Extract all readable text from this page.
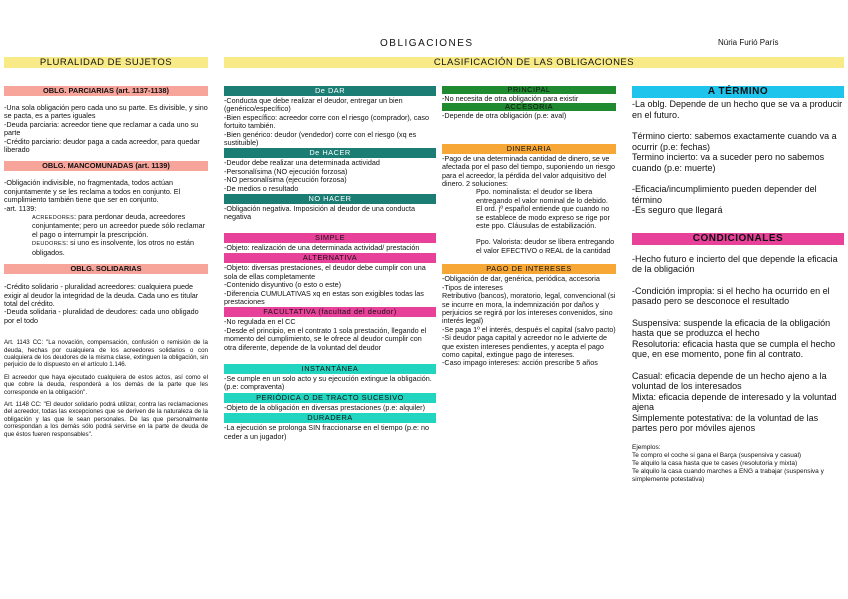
OBLIGACIONES	Núria Furió París
PLURALIDAD DE SUJETOS	CLASIFICACIÓN DE LAS OBLIGACIONES
OBLG. PARCIARIAS (art. 1137-1138)

-Una sola obligación pero cada uno su parte. Es divisible, y sino se pacta, es a partes iguales
-Deuda parciaria: acreedor tiene que reclamar a cada uno su parte
-Crédito parciario: deudor paga a cada acreedor, para quedar liberado

OBLG. MANCOMUNADAS (art. 1139)

-Obligación indivisible, no fragmentada, todos actúan conjuntamente y se les reclama a todos en conjunto. El cumplimiento también tiene que ser en conjunto.
-art. 1139:

ACREEDORES: para perdonar deuda, acreedores conjuntamente; pero un acreedor puede sólo reclamar el pago o interrumpir la prescripción.

DEUDORES: si uno es insolvente, los otros no están obligados.

OBLG. SOLIDARIAS

-Crédito solidario - pluralidad acreedores: cualquiera puede exigir al deudor la integridad de la deuda. Cada uno es titular total del crédito.
-Deuda solidaria - pluralidad de deudores: cada uno obligado por el todo

Art. 1143 CC: "La novación, compensación, confusión o remisión de la deuda, hechas por cualquiera de los acreedores solidarios o con cualquiera de los deudores de la misma clase, extinguen la obligación, sin perjuicio de lo dispuesto en el artículo 1.146.

El acreedor que haya ejecutado cualquiera de estos actos, así como el que cobre la deuda, responderá a los demás de la parte que les corresponde en la obligación".

Art. 1148 CC: "El deudor solidario podrá utilizar, contra las reclamaciones del acreedor, todas las excepciones que se deriven de la naturaleza de la obligación y las que le sean personales. De las que personalmente correspondan a los demás sólo podrá servirse en la parte de deuda de que éstos fueren responsables".

De DAR

-Conducta que debe realizar el deudor, entregar un bien (genérico/específico)
-Bien específico: acreedor corre con el riesgo (comprador), caso fortuito también.
-Bien genérico: deudor (vendedor) corre con el riesgo (xq es sustituible)

De HACER

-Deudor debe realizar una determinada actividad
-Personalísima (NO ejecución forzosa)
-NO personalísima (ejecución forzosa)
-De medios o resultado

NO HACER

-Obligación negativa. Imposición al deudor de una conducta negativa

SIMPLE

-Objeto: realización de una determinada actividad/ prestación

ALTERNATIVA

-Objeto: diversas prestaciones, el deudor debe cumplir con una sola de ellas completamente
-Contenido disyuntivo (o esto o este)
-Diferencia CUMULATIVAS xq en estas son exigibles todas las prestaciones

FACULTATIVA (facultad del deudor)

-No regulada en el CC
-Desde el principio, en el contrato 1 sola prestación, llegando el momento del cumplimiento, se le ofrece al deudor cumplir con otra diferente, depende de la voluntad del deudor

INSTANTÁNEA

-Se cumple en un solo acto y su ejecución extingue la obligación. (p.e: compraventa)

PERIÓDICA O DE TRACTO SUCESIVO

-Objeto de la obligación en diversas prestaciones (p.e: alquiler)

DURADERA

-La ejecución se prolonga SIN fraccionarse en el tiempo (p.e: no ceder a un jugador)

PRINCIPAL

-No necesita de otra obligación para existir

ACCESORIA

-Depende de otra obligación (p.e: aval)

DINERARIA

-Pago de una determinada cantidad de dinero, se ve afectada por el paso del tiempo, suponiendo un riesgo para el acreedor, la pérdida del valor adquisitivo del dinero. 2 soluciones:

Ppo. nominalista: el deudor se libera entregando el valor nominal de lo debido. El ord. jº español entiende que cuando no se establece de modo expreso se rige por este ppo. Cláusulas de estabilización.

Ppo. Valorista: deudor se libera entregando el valor EFECTIVO o REAL de la cantidad

PAGO DE INTERESES

-Obligación de dar, genérica, periódica, accesoria
-Tipos de intereses
Retributivo (bancos), moratorio, legal, convencional (si se incurre en mora, la indemnización por daños y perjuicios se regirá por los intereses convenidos, sino interés legal)
-Se paga 1º el interés, después el capital (salvo pacto)
-Si deudor paga capital y acreedor no le advierte de que existen intereses pendientes, y acepta el pago como capital, extingue pago de intereses.
-Caso impago intereses: acción prescribe 5 años

A TÉRMINO

-La oblg. Depende de un hecho que se va a producir en el futuro.

Término cierto: sabemos exactamente cuando va a ocurrir (p.e: fechas)
Termino incierto: va a suceder pero no sabemos cuando (p.e: muerte)

-Eficacia/incumplimiento pueden depender del término
-Es seguro que llegará

CONDICIONALES

-Hecho futuro e incierto del que depende la eficacia de la obligación

-Condición impropia: si el hecho ha ocurrido en el pasado pero se desconoce el resultado

Suspensiva: suspende la eficacia de la obligación hasta que se produzca el hecho
Resolutoria: eficacia hasta que se cumpla el hecho que, en ese momento, pone fin al contrato.

Casual: eficacia depende de un hecho ajeno a la voluntad de los interesados
Mixta: eficacia depende de interesado y la voluntad ajena
Simplemente potestativa: de la voluntad de las partes pero por móviles ajenos

Ejemplos:

Te compro el coche si gana el Barça (suspensiva y casual)
Te alquilo la casa hasta que te cases (resolutoria y mixta)
Te alquilo la casa cuando marches a ENG a trabajar (suspensiva y simplemente potestativa)
